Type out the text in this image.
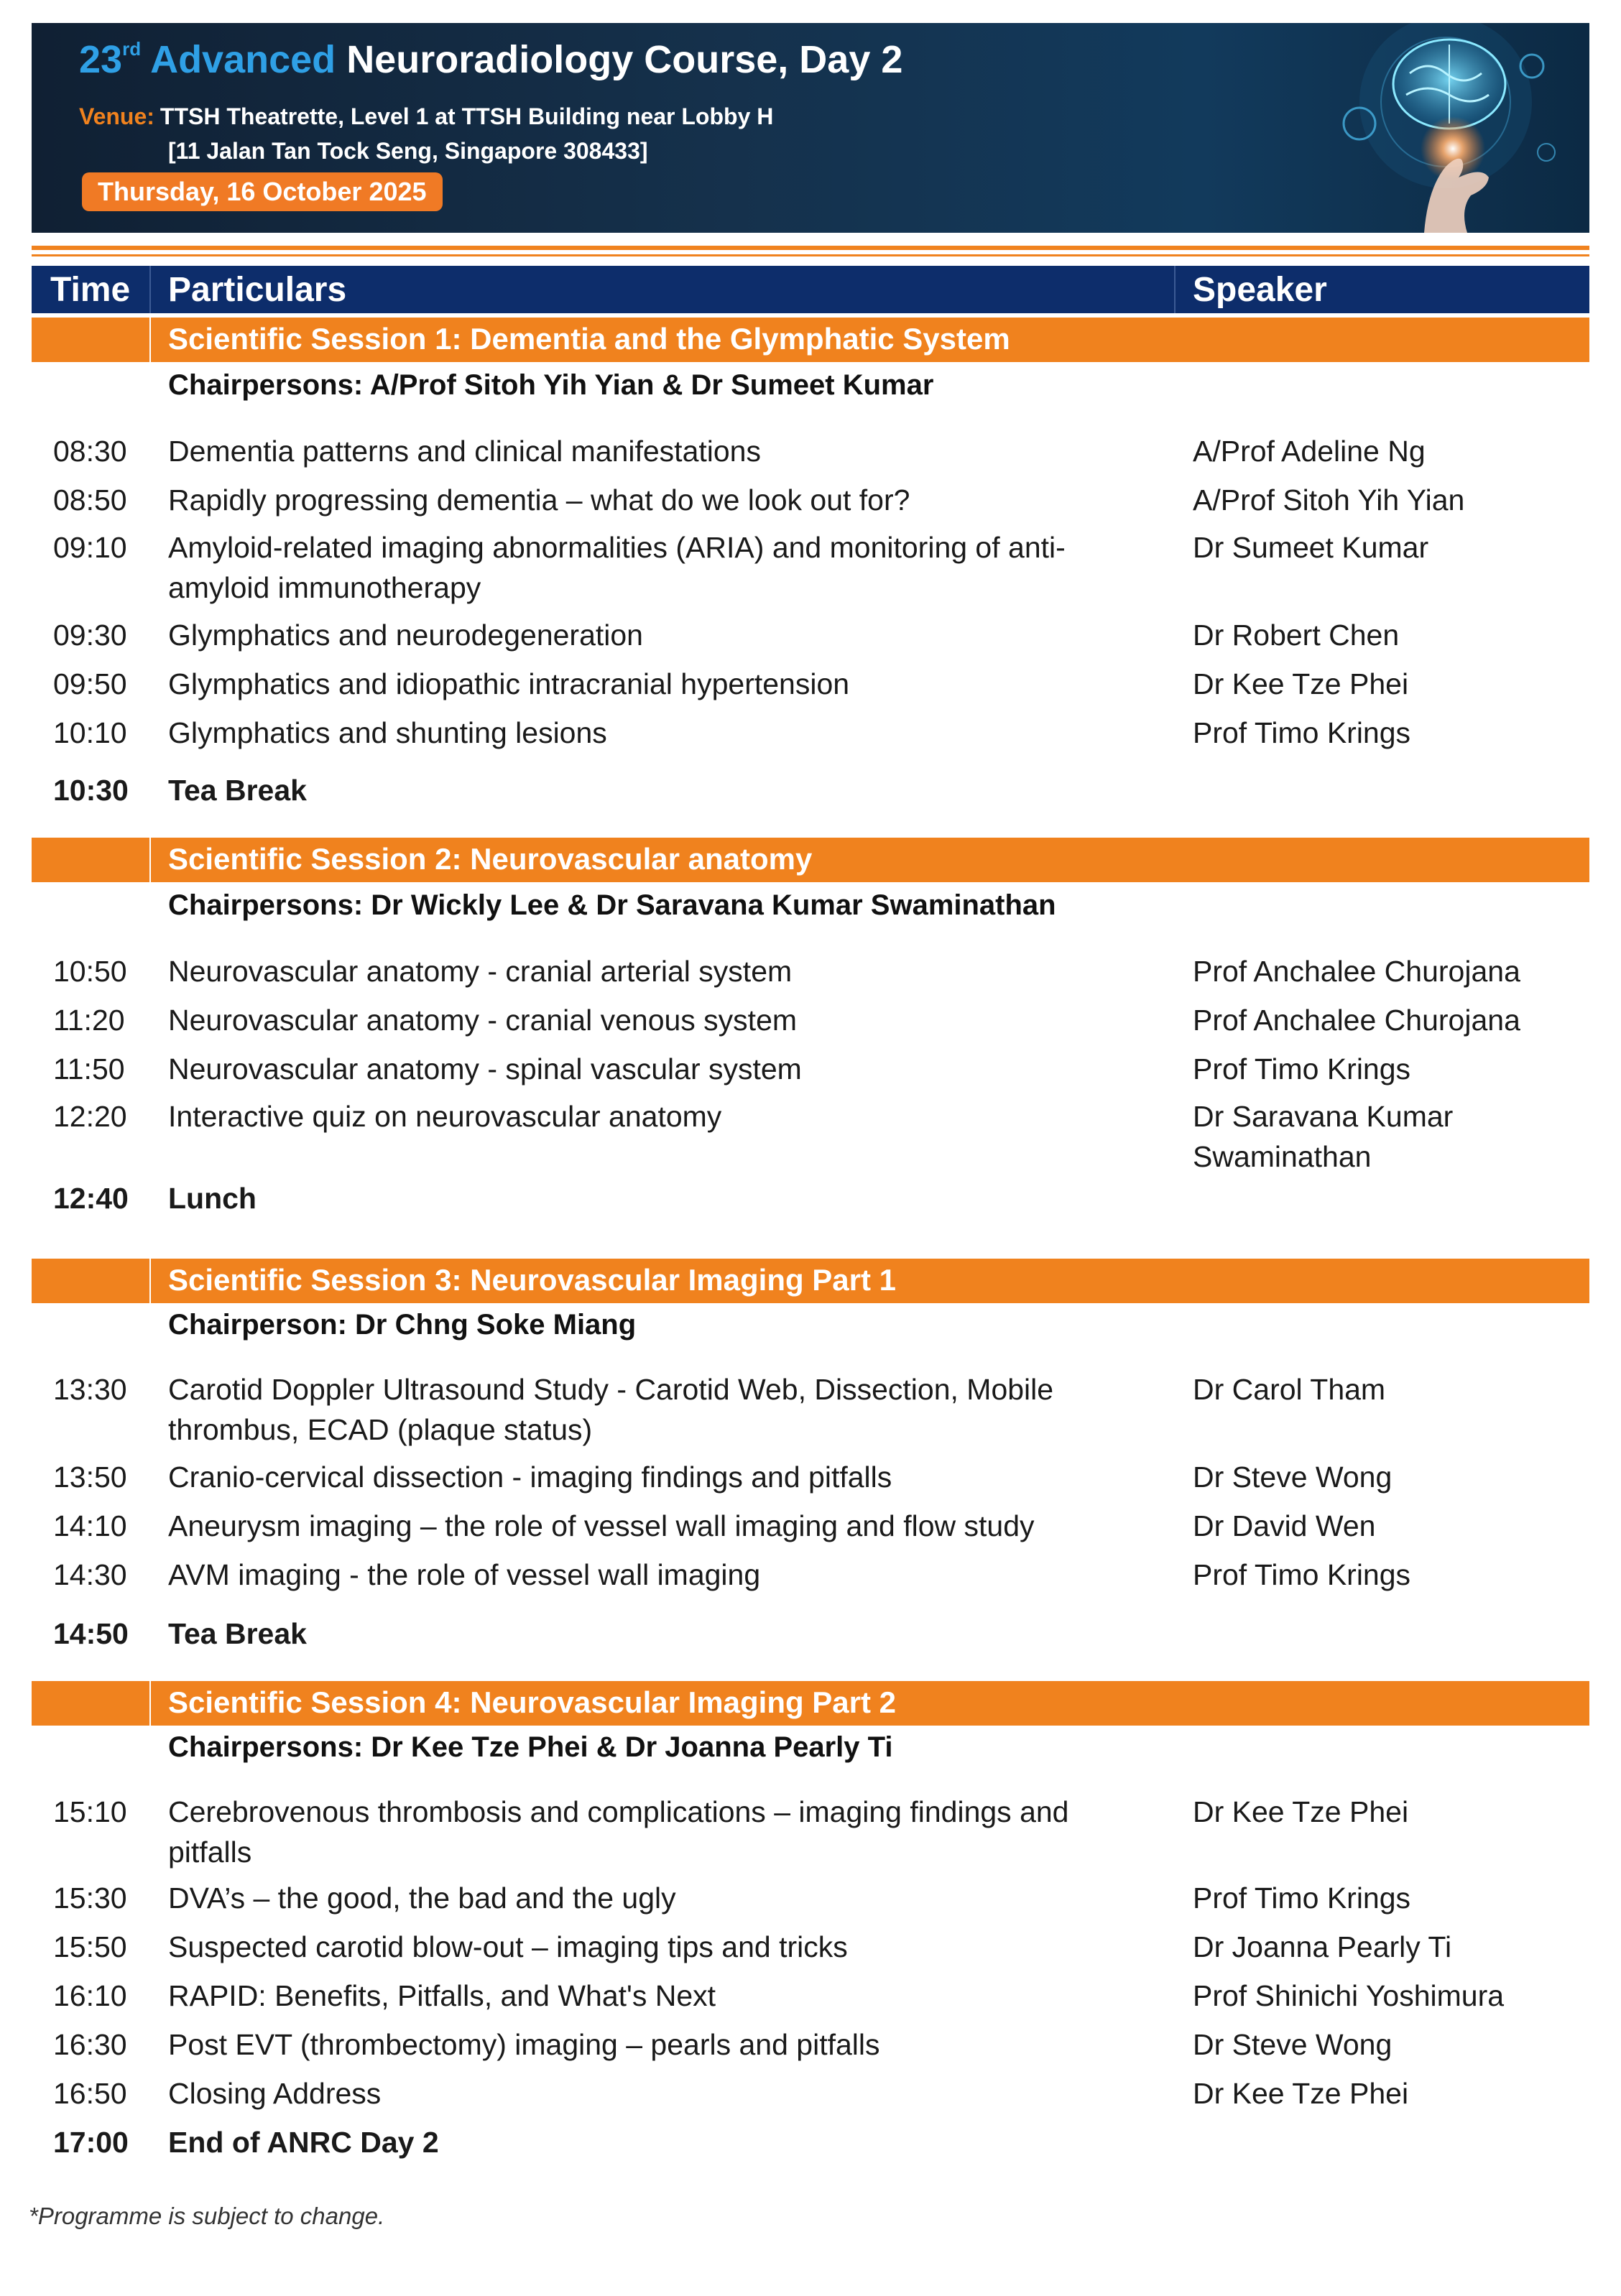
23rd Advanced Neuroradiology Course, Day 2
Venue: TTSH Theatrette, Level 1 at TTSH Building near Lobby H
[11 Jalan Tan Tock Seng, Singapore 308433]
Thursday, 16 October 2025
Time Particulars	Speaker
Scientific Session 1: Dementia and the Glymphatic System
Chairpersons: A/Prof Sitoh Yih Yian & Dr Sumeet Kumar
08:30 Dementia patterns and clinical manifestations	A/Prof Adeline Ng
08:50 Rapidly progressing dementia – what do we look out for?	A/Prof Sitoh Yih Yian
09:10 Amyloid-related imaging abnormalities (ARIA) and monitoring of anti-amyloid immunotherapy
Dr Sumeet Kumar
09:30 Glymphatics and neurodegeneration	Dr Robert Chen
09:50 Glymphatics and idiopathic intracranial hypertension	Dr Kee Tze Phei
10:10 Glymphatics and shunting lesions	Prof Timo Krings
10:30 Tea Break
Scientific Session 2: Neurovascular anatomy
Chairpersons: Dr Wickly Lee & Dr Saravana Kumar Swaminathan
10:50 Neurovascular anatomy - cranial arterial system	Prof Anchalee Churojana
11:20 Neurovascular anatomy - cranial venous system	Prof Anchalee Churojana
11:50 Neurovascular anatomy - spinal vascular system	Prof Timo Krings
12:20 Interactive quiz on neurovascular anatomy	Dr Saravana Kumar Swaminathan
12:40 Lunch
Scientific Session 3: Neurovascular Imaging Part 1
Chairperson: Dr Chng Soke Miang
13:30 Carotid Doppler Ultrasound Study - Carotid Web, Dissection, Mobile thrombus, ECAD (plaque status)
Dr Carol Tham
13:50 Cranio-cervical dissection - imaging findings and pitfalls	Dr Steve Wong
14:10 Aneurysm imaging – the role of vessel wall imaging and flow study	Dr David Wen
14:30 AVM imaging - the role of vessel wall imaging	Prof Timo Krings
14:50 Tea Break
Scientific Session 4: Neurovascular Imaging Part 2
Chairpersons: Dr Kee Tze Phei & Dr Joanna Pearly Ti
15:10 Cerebrovenous thrombosis and complications – imaging findings and pitfalls
Dr Kee Tze Phei
15:30 DVA’s – the good, the bad and the ugly	Prof Timo Krings
15:50 Suspected carotid blow-out – imaging tips and tricks	Dr Joanna Pearly Ti
16:10 RAPID: Benefits, Pitfalls, and What's Next	Prof Shinichi Yoshimura
16:30 Post EVT (thrombectomy) imaging – pearls and pitfalls	Dr Steve Wong
16:50 Closing Address	Dr Kee Tze Phei
17:00 End of ANRC Day 2
*Programme is subject to change.
